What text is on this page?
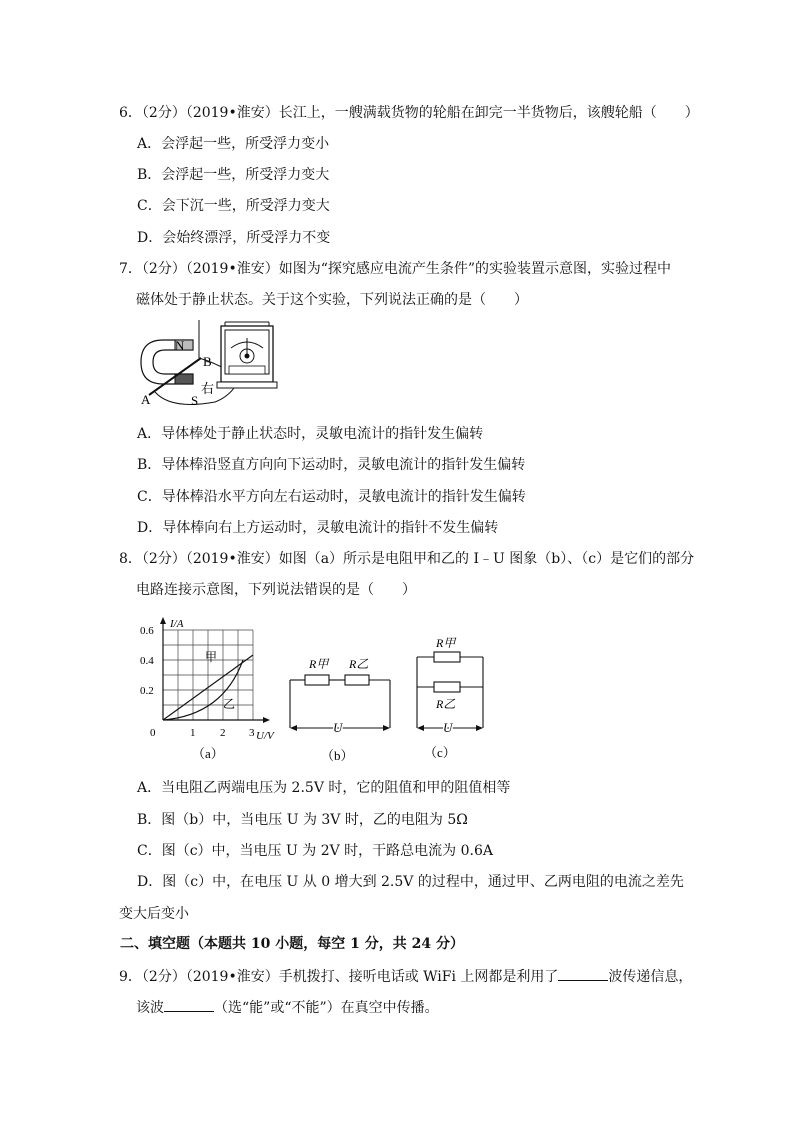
6．（2分）（2019•淮安）长江上，一艘满载货物的轮船在卸完一半货物后，该艘轮船（　　）
A．会浮起一些，所受浮力变小
B．会浮起一些，所受浮力变大
C．会下沉一些，所受浮力变大
D．会始终漂浮，所受浮力不变
7．（2分）（2019•淮安）如图为“探究感应电流产生条件”的实验装置示意图，实验过程中
磁体处于静止状态。关于这个实验，下列说法正确的是（　　）
N
B
右
S
A
A．导体棒处于静止状态时，灵敏电流计的指针发生偏转
B．导体棒沿竖直方向向下运动时，灵敏电流计的指针发生偏转
C．导体棒沿水平方向左右运动时，灵敏电流计的指针发生偏转
D．导体棒向右上方运动时，灵敏电流计的指针不发生偏转
8．（2分）（2019•淮安）如图（a）所示是电阻甲和乙的 I﹣U 图象（b）、（c）是它们的部分
电路连接示意图，下列说法错误的是（　　）
0.6
0.4
0.2
0	1 2 3
I/A
U/V
甲
乙
（a）
R甲 R乙
U
（b）
R甲
R乙
U
（c）
A．当电阻乙两端电压为 2.5V 时，它的阻值和甲的阻值相等
B．图（b）中，当电压 U 为 3V 时，乙的电阻为 5Ω
C．图（c）中，当电压 U 为 2V 时，干路总电流为 0.6A
D．图（c）中，在电压 U 从 0 增大到 2.5V 的过程中，通过甲、乙两电阻的电流之差先
变大后变小
二、填空题（本题共 10 小题，每空 1 分，共 24 分）
9．（2分）（2019•淮安）手机拨打、接听电话或 WiFi 上网都是利用了	波传递信息，
该波	（选“能”或“不能”）在真空中传播。
